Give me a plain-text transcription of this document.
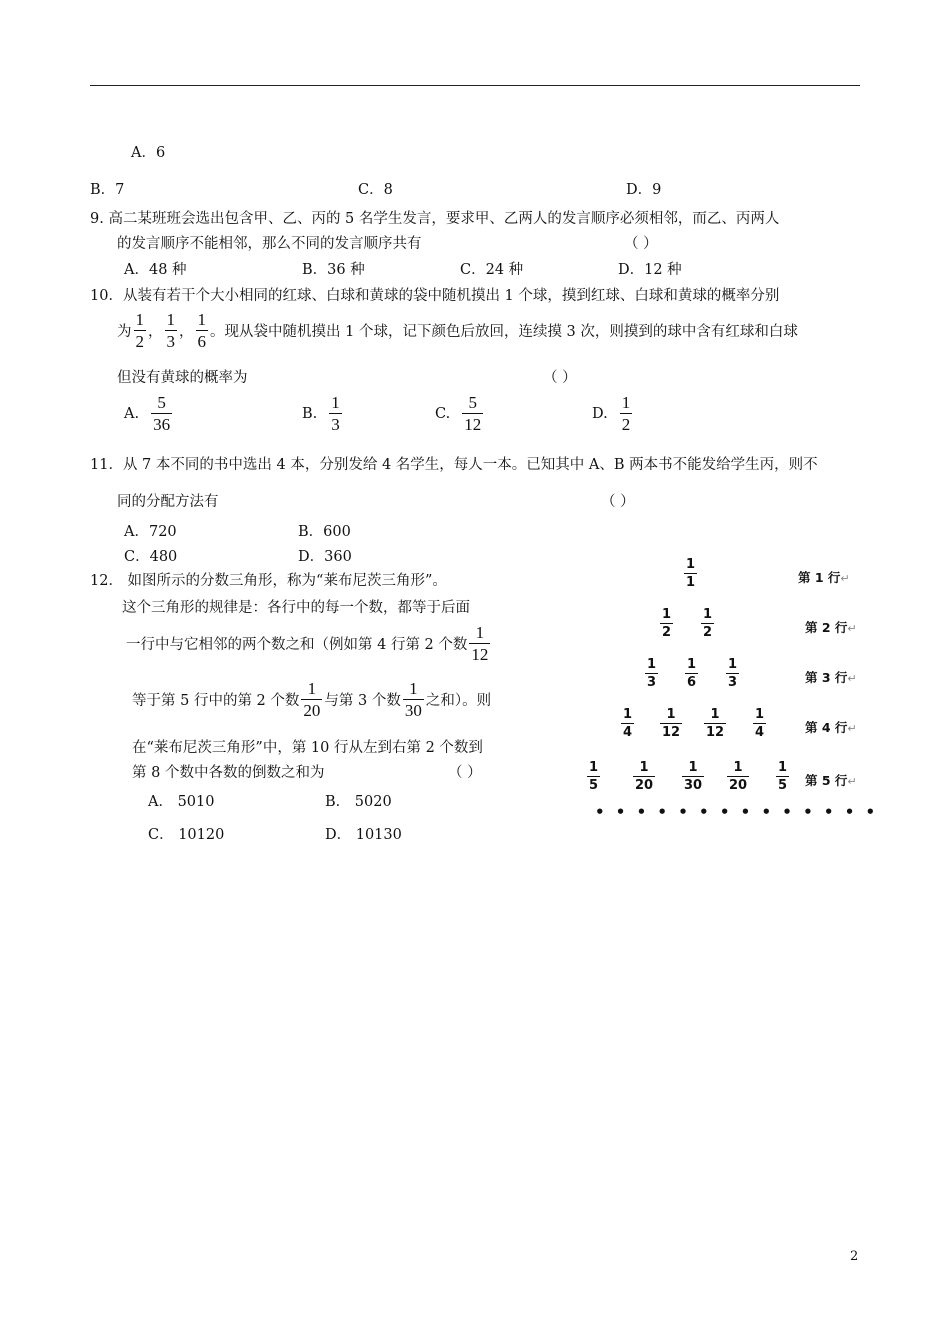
A．6
B．7	C．8	D．9
9. 高二某班班会选出包含甲、乙、丙的 5 名学生发言，要求甲、乙两人的发言顺序必须相邻，而乙、丙两人
的发言顺序不能相邻，那么不同的发言顺序共有	（ ）
A．48 种	B．36 种	C．24 种	D．12 种
10．从装有若干个大小相同的红球、白球和黄球的袋中随机摸出 1 个球，摸到红球、白球和黄球的概率分别
为 $\frac{1}{2}$ ， $\frac{1}{3}$ ， $\frac{1}{6}$ 。现从袋中随机摸出 1 个球，记下颜色后放回，连续摸 3 次，则摸到的球中含有红球和白球
但没有黄球的概率为	（ ）
A. $\frac{5}{36}$	B. $\frac{1}{3}$	C. $\frac{5}{12}$	D. $\frac{1}{2}$
11．从 7 本不同的书中选出 4 本，分别发给 4 名学生，每人一本。已知其中 A、B 两本书不能发给学生丙，则不
同的分配方法有	（ ）
A．720	B．600
C．480	D．360
12． 如图所示的分数三角形，称为“莱布尼茨三角形”。
这个三角形的规律是：各行中的每一个数，都等于后面
一行中与它相邻的两个数之和（例如第 4 行第 2 个数 $\frac{1}{12}$
等于第 5 行中的第 2 个数 $\frac{1}{20}$ 与第 3 个数 $\frac{1}{30}$ 之和）。则
在“莱布尼茨三角形”中，第 10 行从左到右第 2 个数到
第 8 个数中各数的倒数之和为	（ ）
A． 5010	B． 5020
C． 10120	D． 10130
$\frac{1}{1}$	第 1 行↵
$\frac{1}{2} \frac{1}{2}$	第 2 行↵
$\frac{1}{3} \frac{1}{6} \frac{1}{3}$	第 3 行↵
$\frac{1}{4} \frac{1}{12} \frac{1}{12} \frac{1}{4}$	第 4 行↵
$\frac{1}{5}$	$\frac{1}{20} \frac{1}{30} \frac{1}{20} \frac{1}{5}$ 第 5 行↵
• • • • • • • • • • • • • •
2
